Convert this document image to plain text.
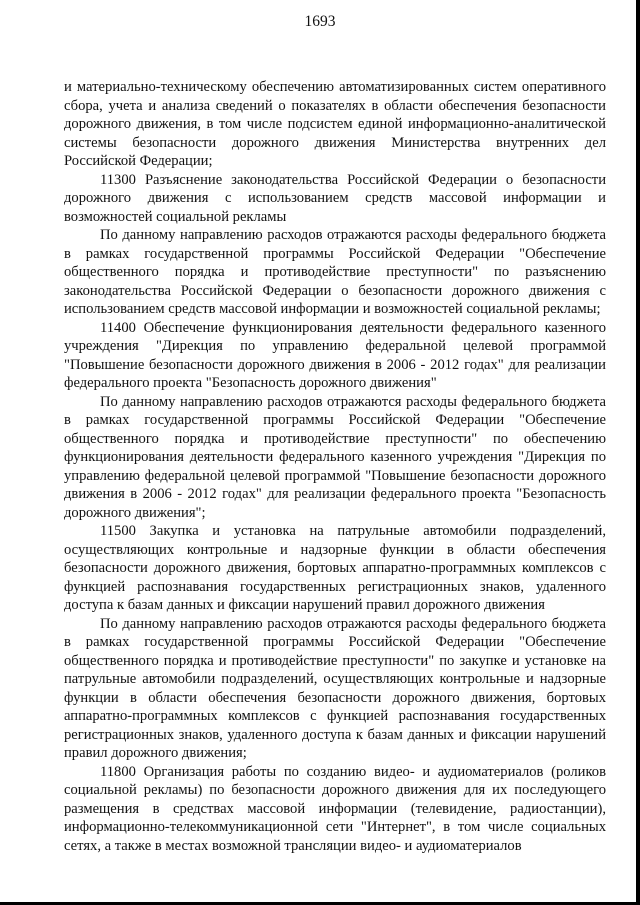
1693

и материально-техническому обеспечению автоматизированных систем оперативного сбора, учета и анализа сведений о показателях в области обеспечения безопасности дорожного движения, в том числе подсистем единой информационно-аналитической системы безопасности дорожного движения Министерства внутренних дел Российской Федерации;

11300 Разъяснение законодательства Российской Федерации о безопасности дорожного движения с использованием средств массовой информации и возможностей социальной рекламы

По данному направлению расходов отражаются расходы федерального бюджета в рамках государственной программы Российской Федерации "Обеспечение общественного порядка и противодействие преступности" по разъяснению законодательства Российской Федерации о безопасности дорожного движения с использованием средств массовой информации и возможностей социальной рекламы;

11400 Обеспечение функционирования деятельности федерального казенного учреждения "Дирекция по управлению федеральной целевой программой "Повышение безопасности дорожного движения в 2006 - 2012 годах" для реализации федерального проекта "Безопасность дорожного движения"

По данному направлению расходов отражаются расходы федерального бюджета в рамках государственной программы Российской Федерации "Обеспечение общественного порядка и противодействие преступности" по обеспечению функционирования деятельности федерального казенного учреждения "Дирекция по управлению федеральной целевой программой "Повышение безопасности дорожного движения в 2006 - 2012 годах" для реализации федерального проекта "Безопасность дорожного движения";

11500 Закупка и установка на патрульные автомобили подразделений, осуществляющих контрольные и надзорные функции в области обеспечения безопасности дорожного движения, бортовых аппаратно-программных комплексов с функцией распознавания государственных регистрационных знаков, удаленного доступа к базам данных и фиксации нарушений правил дорожного движения

По данному направлению расходов отражаются расходы федерального бюджета в рамках государственной программы Российской Федерации "Обеспечение общественного порядка и противодействие преступности" по закупке и установке на патрульные автомобили подразделений, осуществляющих контрольные и надзорные функции в области обеспечения безопасности дорожного движения, бортовых аппаратно-программных комплексов с функцией распознавания государственных регистрационных знаков, удаленного доступа к базам данных и фиксации нарушений правил дорожного движения;

11800 Организация работы по созданию видео- и аудиоматериалов (роликов социальной рекламы) по безопасности дорожного движения для их последующего размещения в средствах массовой информации (телевидение, радиостанции), информационно-телекоммуникационной сети "Интернет", в том числе социальных сетях, а также в местах возможной трансляции видео- и аудиоматериалов
